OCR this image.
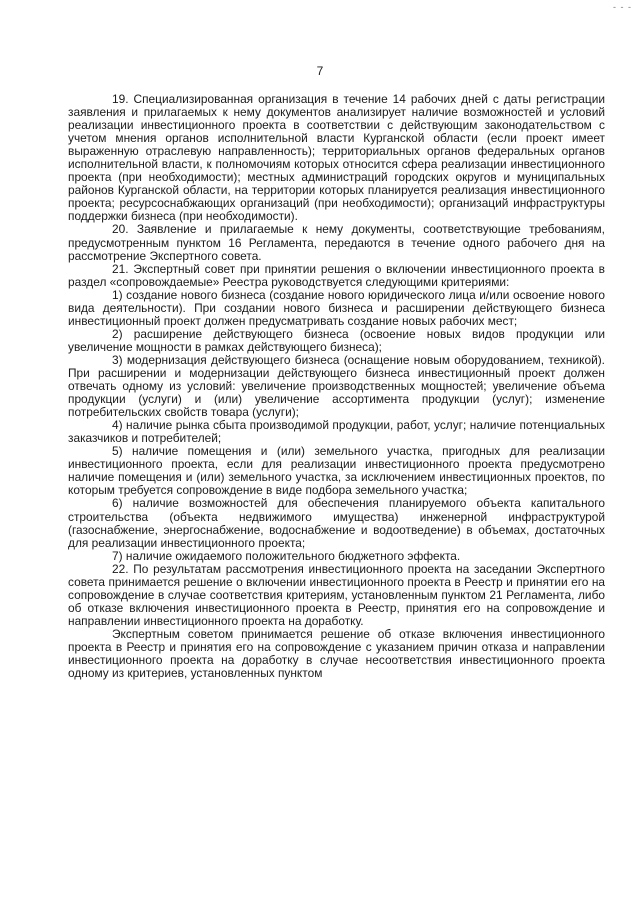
- - -
7

19. Специализированная организация в течение 14 рабочих дней с даты регистрации заявления и прилагаемых к нему документов анализирует наличие возможностей и условий реализации инвестиционного проекта в соответствии с действующим законодательством с учетом мнения органов исполнительной власти Курганской области (если проект имеет выраженную отраслевую направленность); территориальных органов федеральных органов исполнительной власти, к полномочиям которых относится сфера реализации инвестиционного проекта (при необходимости); местных администраций городских округов и муниципальных районов Курганской области, на территории которых планируется реализация инвестиционного проекта; ресурсоснабжающих организаций (при необходимости); организаций инфраструктуры поддержки бизнеса (при необходимости).

20. Заявление и прилагаемые к нему документы, соответствующие требованиям, предусмотренным пунктом 16 Регламента, передаются в течение одного рабочего дня на рассмотрение Экспертного совета.

21. Экспертный совет при принятии решения о включении инвестиционного проекта в раздел «сопровождаемые» Реестра руководствуется следующими критериями:

1) создание нового бизнеса (создание нового юридического лица и/или освоение нового вида деятельности). При создании нового бизнеса и расширении действующего бизнеса инвестиционный проект должен предусматривать создание новых рабочих мест;

2) расширение действующего бизнеса (освоение новых видов продукции или увеличение мощности в рамках действующего бизнеса);

3) модернизация действующего бизнеса (оснащение новым оборудованием, техникой). При расширении и модернизации действующего бизнеса инвестиционный проект должен отвечать одному из условий: увеличение производственных мощностей; увеличение объема продукции (услуги) и (или) увеличение ассортимента продукции (услуг); изменение потребительских свойств товара (услуги);

4) наличие рынка сбыта производимой продукции, работ, услуг; наличие потенциальных заказчиков и потребителей;

5) наличие помещения и (или) земельного участка, пригодных для реализации инвестиционного проекта, если для реализации инвестиционного проекта предусмотрено наличие помещения и (или) земельного участка, за исключением инвестиционных проектов, по которым требуется сопровождение в виде подбора земельного участка;

6) наличие возможностей для обеспечения планируемого объекта капитального строительства (объекта недвижимого имущества) инженерной инфраструктурой (газоснабжение, энергоснабжение, водоснабжение и водоотведение) в объемах, достаточных для реализации инвестиционного проекта;

7) наличие ожидаемого положительного бюджетного эффекта.

22. По результатам рассмотрения инвестиционного проекта на заседании Экспертного совета принимается решение о включении инвестиционного проекта в Реестр и принятии его на сопровождение в случае соответствия критериям, установленным пунктом 21 Регламента, либо об отказе включения инвестиционного проекта в Реестр, принятия его на сопровождение и направлении инвестиционного проекта на доработку.

Экспертным советом принимается решение об отказе включения инвестиционного проекта в Реестр и принятия его на сопровождение с указанием причин отказа и направлении инвестиционного проекта на доработку в случае несоответствия инвестиционного проекта одному из критериев, установленных пунктом
